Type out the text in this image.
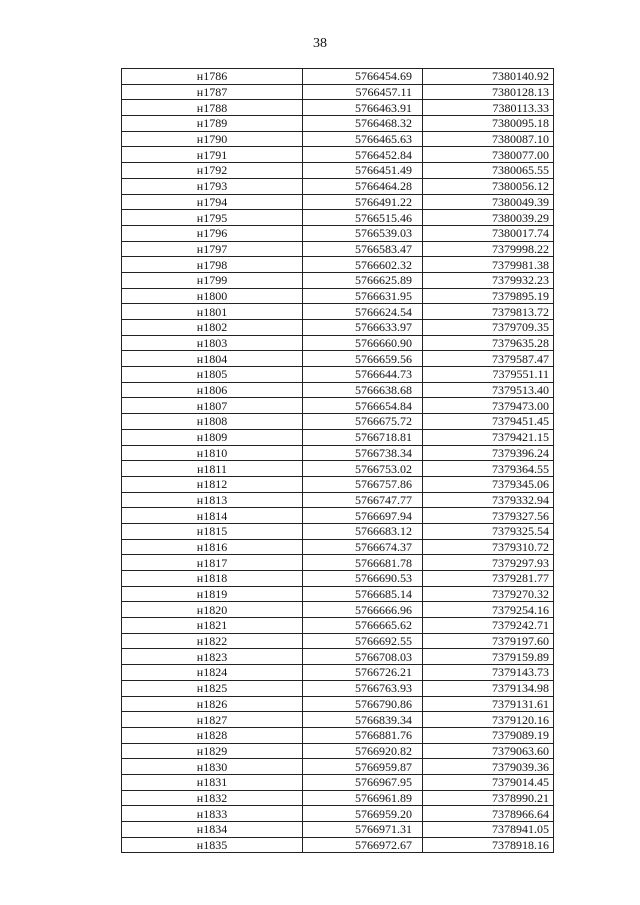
38
н1786	5766454.69	7380140.92
н1787	5766457.11	7380128.13
н1788	5766463.91	7380113.33
н1789	5766468.32	7380095.18
н1790	5766465.63	7380087.10
н1791	5766452.84	7380077.00
н1792	5766451.49	7380065.55
н1793	5766464.28	7380056.12
н1794	5766491.22	7380049.39
н1795	5766515.46	7380039.29
н1796	5766539.03	7380017.74
н1797	5766583.47	7379998.22
н1798	5766602.32	7379981.38
н1799	5766625.89	7379932.23
н1800	5766631.95	7379895.19
н1801	5766624.54	7379813.72
н1802	5766633.97	7379709.35
н1803	5766660.90	7379635.28
н1804	5766659.56	7379587.47
н1805	5766644.73	7379551.11
н1806	5766638.68	7379513.40
н1807	5766654.84	7379473.00
н1808	5766675.72	7379451.45
н1809	5766718.81	7379421.15
н1810	5766738.34	7379396.24
н1811	5766753.02	7379364.55
н1812	5766757.86	7379345.06
н1813	5766747.77	7379332.94
н1814	5766697.94	7379327.56
н1815	5766683.12	7379325.54
н1816	5766674.37	7379310.72
н1817	5766681.78	7379297.93
н1818	5766690.53	7379281.77
н1819	5766685.14	7379270.32
н1820	5766666.96	7379254.16
н1821	5766665.62	7379242.71
н1822	5766692.55	7379197.60
н1823	5766708.03	7379159.89
н1824	5766726.21	7379143.73
н1825	5766763.93	7379134.98
н1826	5766790.86	7379131.61
н1827	5766839.34	7379120.16
н1828	5766881.76	7379089.19
н1829	5766920.82	7379063.60
н1830	5766959.87	7379039.36
н1831	5766967.95	7379014.45
н1832	5766961.89	7378990.21
н1833	5766959.20	7378966.64
н1834	5766971.31	7378941.05
н1835	5766972.67	7378918.16
